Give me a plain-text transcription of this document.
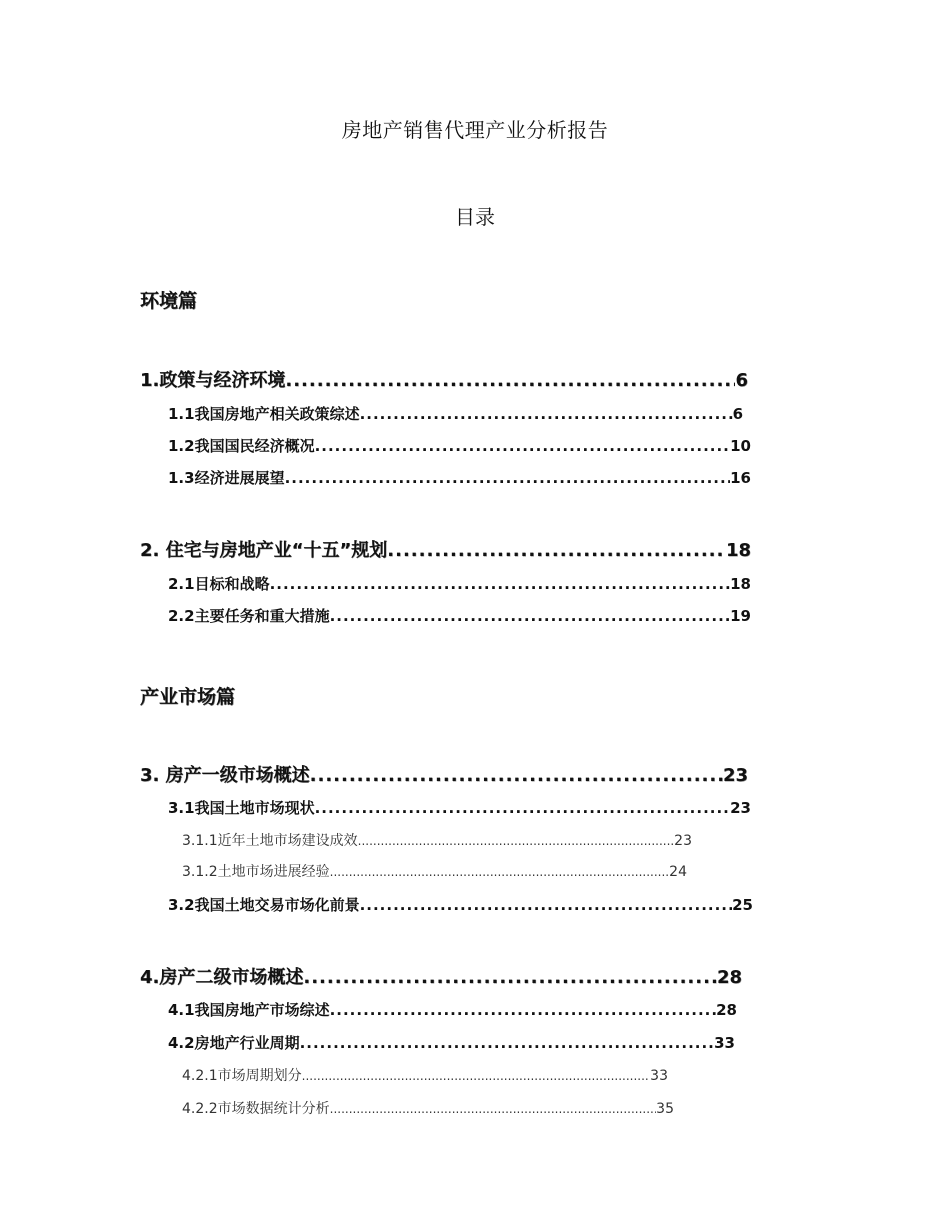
房地产销售代理产业分析报告
目录
环境篇
1.政策与经济环境 .....	6
1.1我国房地产相关政策综述 .....	6
1.2我国国民经济概况 .....	10
1.3经济进展展望 .....	16
2. 住宅与房地产业“十五”规划 .....	18
2.1目标和战略 .....	18
2.2主要任务和重大措施 .....	19
产业市场篇
3. 房产一级市场概述 .....	23
3.1我国土地市场现状 .....	23
3.1.1近年土地市场建设成效 .....	23
3.1.2土地市场进展经验 .....	24
3.2我国土地交易市场化前景 .....	25
4.房产二级市场概述 .....	28
4.1我国房地产市场综述 .....	28
4.2房地产行业周期 .....	33
4.2.1市场周期划分 .....	33
4.2.2市场数据统计分析 .....	35
